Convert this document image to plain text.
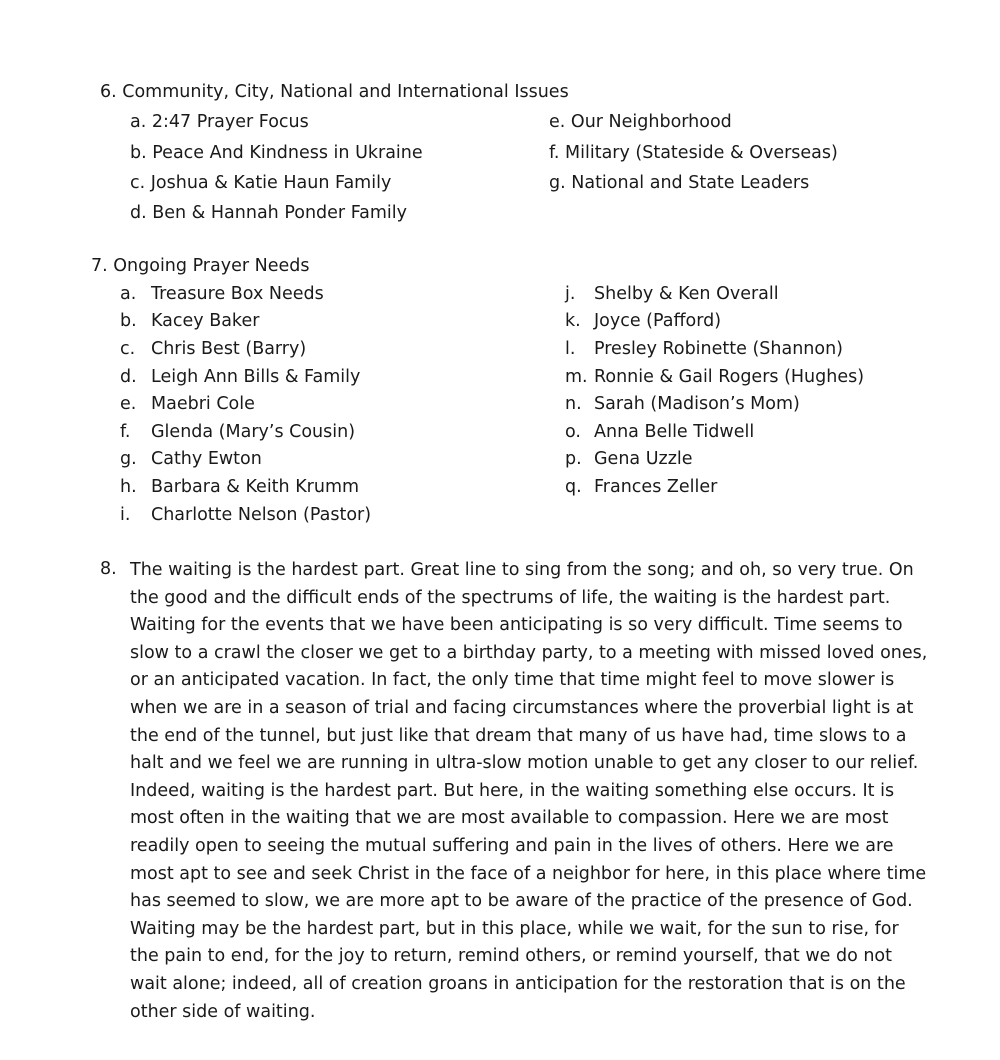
6. Community, City, National and International Issues
a. 2:47 Prayer Focus
b. Peace And Kindness in Ukraine
c. Joshua & Katie Haun Family
d. Ben & Hannah Ponder Family
e. Our Neighborhood
f. Military (Stateside & Overseas)
g. National and State Leaders
7. Ongoing Prayer Needs
a. Treasure Box Needs
b. Kacey Baker
c. Chris Best (Barry)
d. Leigh Ann Bills & Family
e. Maebri Cole
f. Glenda (Mary’s Cousin)
g. Cathy Ewton
h. Barbara & Keith Krumm
i. Charlotte Nelson (Pastor)
j. Shelby & Ken Overall
k. Joyce (Pafford)
l. Presley Robinette (Shannon)
m. Ronnie & Gail Rogers (Hughes)
n. Sarah (Madison’s Mom)
o. Anna Belle Tidwell
p. Gena Uzzle
q. Frances Zeller
8. The waiting is the hardest part. Great line to sing from the song; and oh, so very true. On the good and the difficult ends of the spectrums of life, the waiting is the hardest part. Waiting for the events that we have been anticipating is so very difficult. Time seems to slow to a crawl the closer we get to a birthday party, to a meeting with missed loved ones, or an anticipated vacation. In fact, the only time that time might feel to move slower is when we are in a season of trial and facing circumstances where the proverbial light is at the end of the tunnel, but just like that dream that many of us have had, time slows to a halt and we feel we are running in ultra-slow motion unable to get any closer to our relief. Indeed, waiting is the hardest part. But here, in the waiting something else occurs. It is most often in the waiting that we are most available to compassion. Here we are most readily open to seeing the mutual suffering and pain in the lives of others. Here we are most apt to see and seek Christ in the face of a neighbor for here, in this place where time has seemed to slow, we are more apt to be aware of the practice of the presence of God. Waiting may be the hardest part, but in this place, while we wait, for the sun to rise, for the pain to end, for the joy to return, remind others, or remind yourself, that we do not wait alone; indeed, all of creation groans in anticipation for the restoration that is on the other side of waiting.
